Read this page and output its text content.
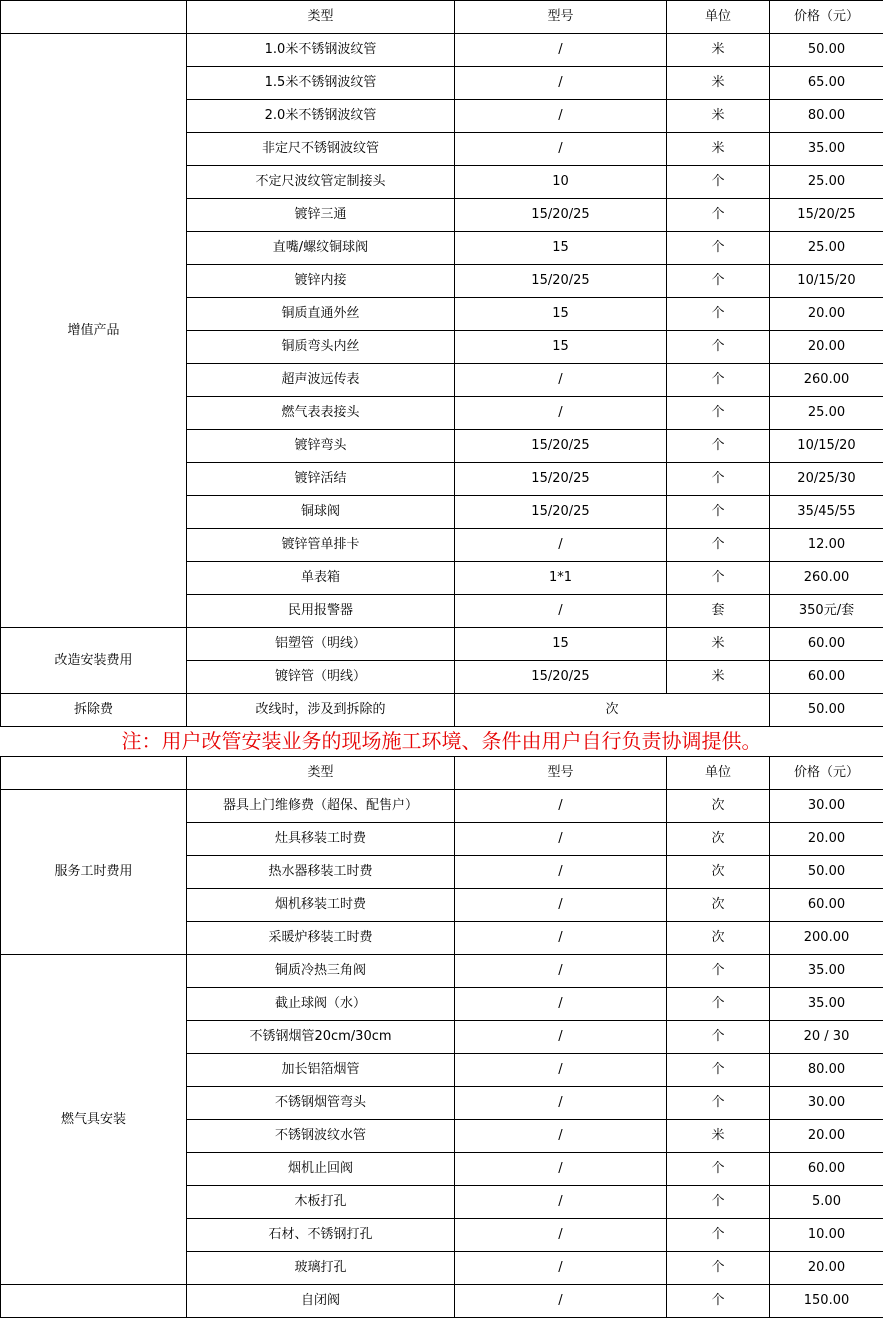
	类型	型号	单位	价格（元）
增值产品	1.0米不锈钢波纹管	/	米	50.00
	1.5米不锈钢波纹管	/	米	65.00
	2.0米不锈钢波纹管	/	米	80.00
	非定尺不锈钢波纹管	/	米	35.00
	不定尺波纹管定制接头	10	个	25.00
	镀锌三通	15/20/25	个	15/20/25
	直嘴/螺纹铜球阀	15	个	25.00
	镀锌内接	15/20/25	个	10/15/20
	铜质直通外丝	15	个	20.00
	铜质弯头内丝	15	个	20.00
	超声波远传表	/	个	260.00
	燃气表表接头	/	个	25.00
	镀锌弯头	15/20/25	个	10/15/20
	镀锌活结	15/20/25	个	20/25/30
	铜球阀	15/20/25	个	35/45/55
	镀锌管单排卡	/	个	12.00
	单表箱	1*1	个	260.00
	民用报警器	/	套	350元/套
改造安装费用	铝塑管（明线）	15	米	60.00
	镀锌管（明线）	15/20/25	米	60.00
拆除费	改线时，涉及到拆除的	次		50.00
注：用户改管安装业务的现场施工环境、条件由用户自行负责协调提供。
	类型	型号	单位	价格（元）
服务工时费用	器具上门维修费（超保、配售户）	/	次	30.00
	灶具移装工时费	/	次	20.00
	热水器移装工时费	/	次	50.00
	烟机移装工时费	/	次	60.00
	采暖炉移装工时费	/	次	200.00
燃气具安装	铜质冷热三角阀	/	个	35.00
	截止球阀（水）	/	个	35.00
	不锈钢烟管20cm/30cm	/	个	20 / 30
	加长铝箔烟管	/	个	80.00
	不锈钢烟管弯头	/	个	30.00
	不锈钢波纹水管	/	米	20.00
	烟机止回阀	/	个	60.00
	木板打孔	/	个	5.00
	石材、不锈钢打孔	/	个	10.00
	玻璃打孔	/	个	20.00
	自闭阀	/	个	150.00
